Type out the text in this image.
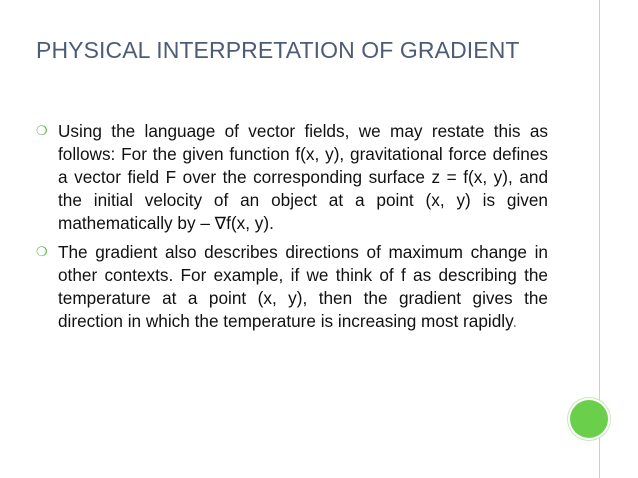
PHYSICAL INTERPRETATION OF GRADIENT
❍ Using the language of vector fields, we may restate this as follows: For the given function f(x, y), gravitational force defines a vector field F over the corresponding surface z = f(x, y), and the initial velocity of an object at a point (x, y) is given mathematically by – ∇f(x, y).
❍ The gradient also describes directions of maximum change in other contexts. For example, if we think of f as describing the temperature at a point (x, y), then the gradient gives the direction in which the temperature is increasing most rapidly.
